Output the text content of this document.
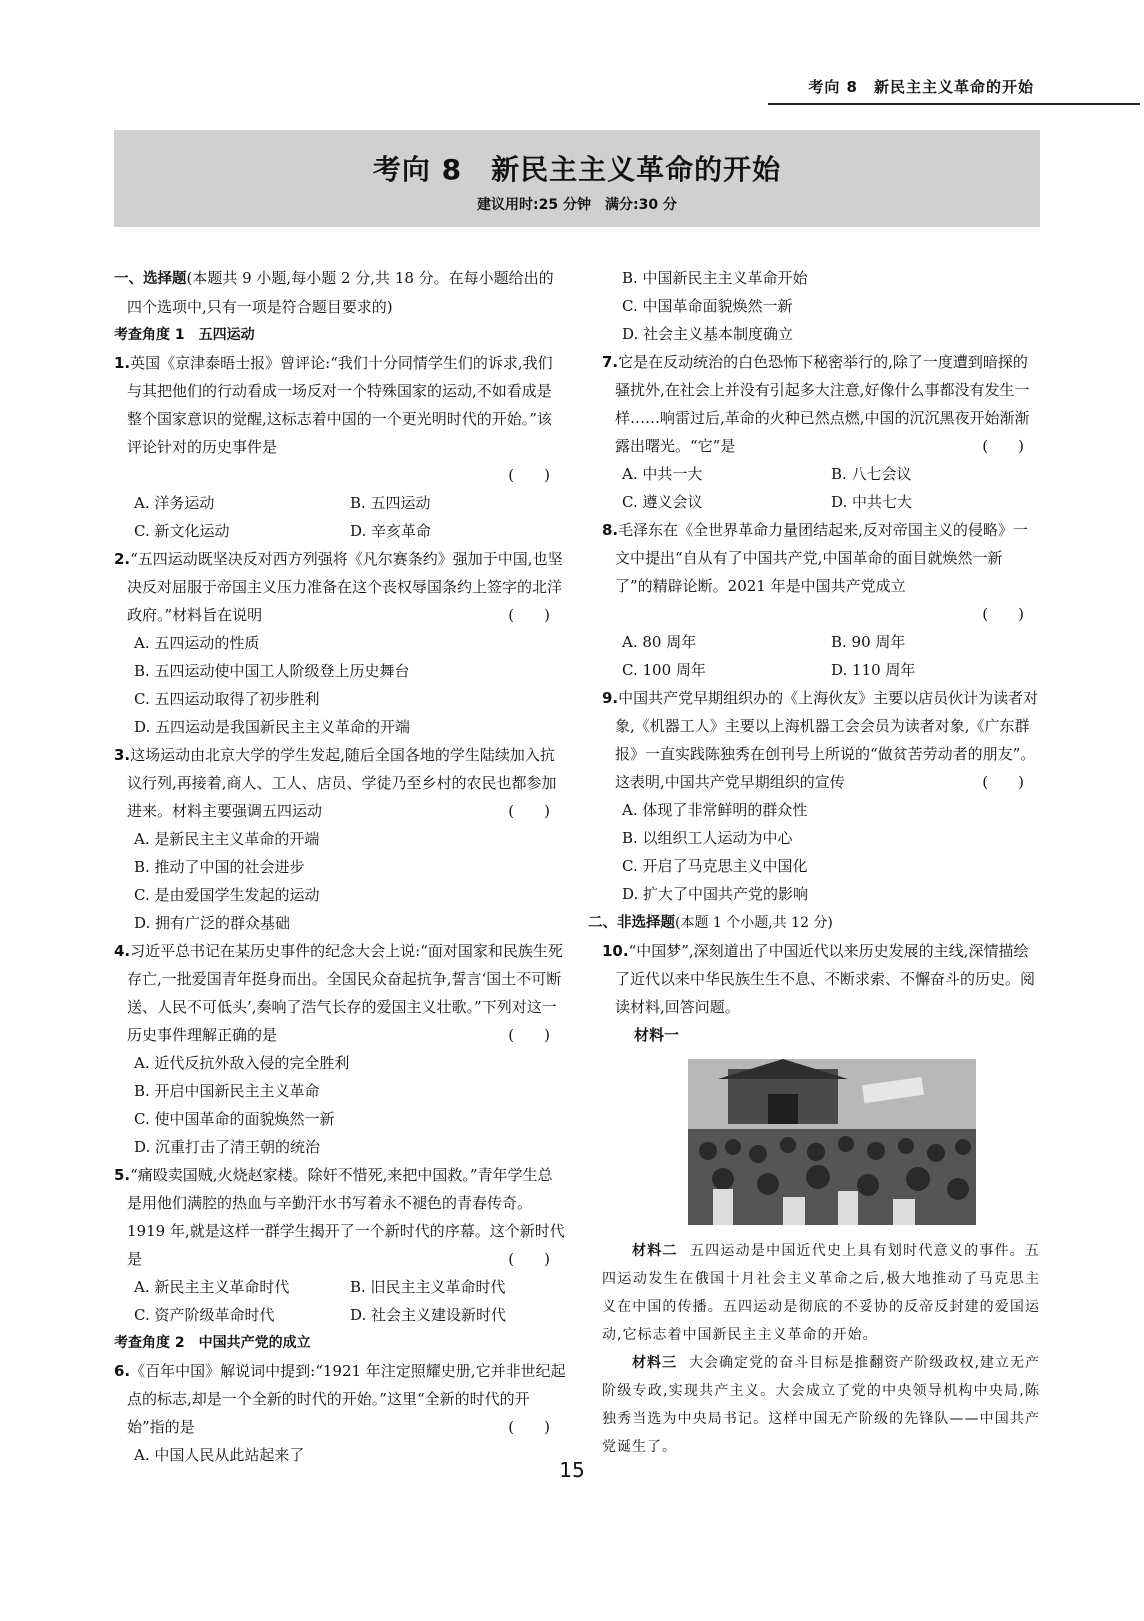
考向 8　新民主主义革命的开始
考向 8　新民主主义革命的开始
建议用时:25 分钟　满分:30 分
一、选择题(本题共 9 小题,每小题 2 分,共 18 分。在每小题给出的四个选项中,只有一项是符合题目要求的)
考查角度 1　五四运动
1.英国《京津泰晤士报》曾评论:“我们十分同情学生们的诉求,我们与其把他们的行动看成一场反对一个特殊国家的运动,不如看成是整个国家意识的觉醒,这标志着中国的一个更光明时代的开始。”该评论针对的历史事件是
(　　)
A. 洋务运动	B. 五四运动
C. 新文化运动	D. 辛亥革命
2.“五四运动既坚决反对西方列强将《凡尔赛条约》强加于中国,也坚决反对屈服于帝国主义压力准备在这个丧权辱国条约上签字的北洋政府。”材料旨在说明	(　　)
A. 五四运动的性质
B. 五四运动使中国工人阶级登上历史舞台
C. 五四运动取得了初步胜利
D. 五四运动是我国新民主主义革命的开端
3.这场运动由北京大学的学生发起,随后全国各地的学生陆续加入抗议行列,再接着,商人、工人、店员、学徒乃至乡村的农民也都参加进来。材料主要强调五四运动	(　　)
A. 是新民主主义革命的开端
B. 推动了中国的社会进步
C. 是由爱国学生发起的运动
D. 拥有广泛的群众基础
4.习近平总书记在某历史事件的纪念大会上说:“面对国家和民族生死存亡,一批爱国青年挺身而出。全国民众奋起抗争,誓言‘国土不可断送、人民不可低头’,奏响了浩气长存的爱国主义壮歌。”下列对这一历史事件理解正确的是	(　　)
A. 近代反抗外敌入侵的完全胜利
B. 开启中国新民主主义革命
C. 使中国革命的面貌焕然一新
D. 沉重打击了清王朝的统治
5.“痛殴卖国贼,火烧赵家楼。除奸不惜死,来把中国救。”青年学生总是用他们满腔的热血与辛勤汗水书写着永不褪色的青春传奇。1919 年,就是这样一群学生揭开了一个新时代的序幕。这个新时代是	(　　)
A. 新民主主义革命时代	B. 旧民主主义革命时代
C. 资产阶级革命时代	D. 社会主义建设新时代
考查角度 2　中国共产党的成立
6.《百年中国》解说词中提到:“1921 年注定照耀史册,它并非世纪起点的标志,却是一个全新的时代的开始。”这里“全新的时代的开始”指的是	(　　)
A. 中国人民从此站起来了
B. 中国新民主主义革命开始
C. 中国革命面貌焕然一新
D. 社会主义基本制度确立
7.它是在反动统治的白色恐怖下秘密举行的,除了一度遭到暗探的骚扰外,在社会上并没有引起多大注意,好像什么事都没有发生一样……响雷过后,革命的火种已然点燃,中国的沉沉黑夜开始渐渐露出曙光。“它”是	(　　)
A. 中共一大	B. 八七会议
C. 遵义会议	D. 中共七大
8.毛泽东在《全世界革命力量团结起来,反对帝国主义的侵略》一文中提出“自从有了中国共产党,中国革命的面目就焕然一新了”的精辟论断。2021 年是中国共产党成立
(　　)
A. 80 周年	B. 90 周年
C. 100 周年	D. 110 周年
9.中国共产党早期组织办的《上海伙友》主要以店员伙计为读者对象,《机器工人》主要以上海机器工会会员为读者对象,《广东群报》一直实践陈独秀在创刊号上所说的“做贫苦劳动者的朋友”。这表明,中国共产党早期组织的宣传	(　　)
A. 体现了非常鲜明的群众性
B. 以组织工人运动为中心
C. 开启了马克思主义中国化
D. 扩大了中国共产党的影响
二、非选择题(本题 1 个小题,共 12 分)
10.“中国梦”,深刻道出了中国近代以来历史发展的主线,深情描绘了近代以来中华民族生生不息、不断求索、不懈奋斗的历史。阅读材料,回答问题。
材料一
材料二 五四运动是中国近代史上具有划时代意义的事件。五四运动发生在俄国十月社会主义革命之后,极大地推动了马克思主义在中国的传播。五四运动是彻底的不妥协的反帝反封建的爱国运动,它标志着中国新民主主义革命的开始。
材料三 大会确定党的奋斗目标是推翻资产阶级政权,建立无产阶级专政,实现共产主义。大会成立了党的中央领导机构中央局,陈独秀当选为中央局书记。这样中国无产阶级的先锋队——中国共产党诞生了。
15
